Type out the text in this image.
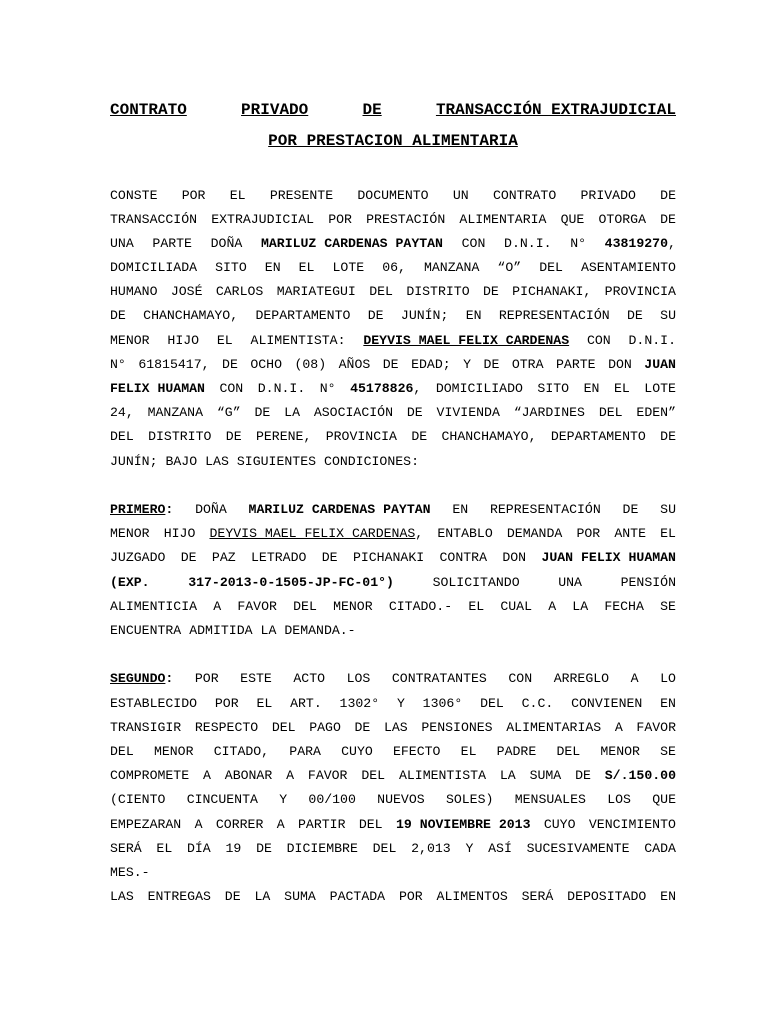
CONTRATO	PRIVADO	DE	TRANSACCIÓN EXTRAJUDICIAL
POR PRESTACION ALIMENTARIA
CONSTE POR EL PRESENTE DOCUMENTO UN CONTRATO PRIVADO DE
TRANSACCIÓN EXTRAJUDICIAL POR PRESTACIÓN ALIMENTARIA QUE OTORGA DE
UNA PARTE DOÑA MARILUZ CARDENAS PAYTAN CON D.N.I. N° 43819270,
DOMICILIADA SITO EN EL LOTE 06, MANZANA “O” DEL ASENTAMIENTO
HUMANO JOSÉ CARLOS MARIATEGUI DEL DISTRITO DE PICHANAKI, PROVINCIA
DE CHANCHAMAYO, DEPARTAMENTO DE JUNÍN; EN REPRESENTACIÓN DE SU
MENOR HIJO EL ALIMENTISTA: DEYVIS MAEL FELIX CARDENAS CON D.N.I.
N° 61815417, DE OCHO (08) AÑOS DE EDAD; Y DE OTRA PARTE DON JUAN
FELIX HUAMAN CON D.N.I. N° 45178826, DOMICILIADO SITO EN EL LOTE
24, MANZANA “G” DE LA ASOCIACIÓN DE VIVIENDA “JARDINES DEL EDEN”
DEL DISTRITO DE PERENE, PROVINCIA DE CHANCHAMAYO, DEPARTAMENTO DE
JUNÍN; BAJO LAS SIGUIENTES CONDICIONES:
PRIMERO: DOÑA MARILUZ CARDENAS PAYTAN EN REPRESENTACIÓN DE SU
MENOR HIJO DEYVIS MAEL FELIX CARDENAS, ENTABLO DEMANDA POR ANTE EL
JUZGADO DE PAZ LETRADO DE PICHANAKI CONTRA DON JUAN FELIX HUAMAN
(EXP.	317-2013-0-1505-JP-FC-01°)	SOLICITANDO	UNA	PENSIÓN
ALIMENTICIA A FAVOR DEL MENOR CITADO.- EL CUAL A LA FECHA SE
ENCUENTRA ADMITIDA LA DEMANDA.-
SEGUNDO: POR ESTE ACTO LOS CONTRATANTES CON ARREGLO A LO
ESTABLECIDO POR EL ART. 1302° Y 1306° DEL C.C. CONVIENEN EN
TRANSIGIR RESPECTO DEL PAGO DE LAS PENSIONES ALIMENTARIAS A FAVOR
DEL MENOR CITADO, PARA CUYO EFECTO EL PADRE DEL MENOR SE
COMPROMETE A ABONAR A FAVOR DEL ALIMENTISTA LA SUMA DE S/.150.00
(CIENTO CINCUENTA Y 00/100 NUEVOS SOLES) MENSUALES LOS QUE
EMPEZARAN A CORRER A PARTIR DEL 19 NOVIEMBRE 2013 CUYO VENCIMIENTO
SERÁ EL DÍA 19 DE DICIEMBRE DEL 2,013 Y ASÍ SUCESIVAMENTE CADA
MES.-
LAS ENTREGAS DE LA SUMA PACTADA POR ALIMENTOS SERÁ DEPOSITADO EN
